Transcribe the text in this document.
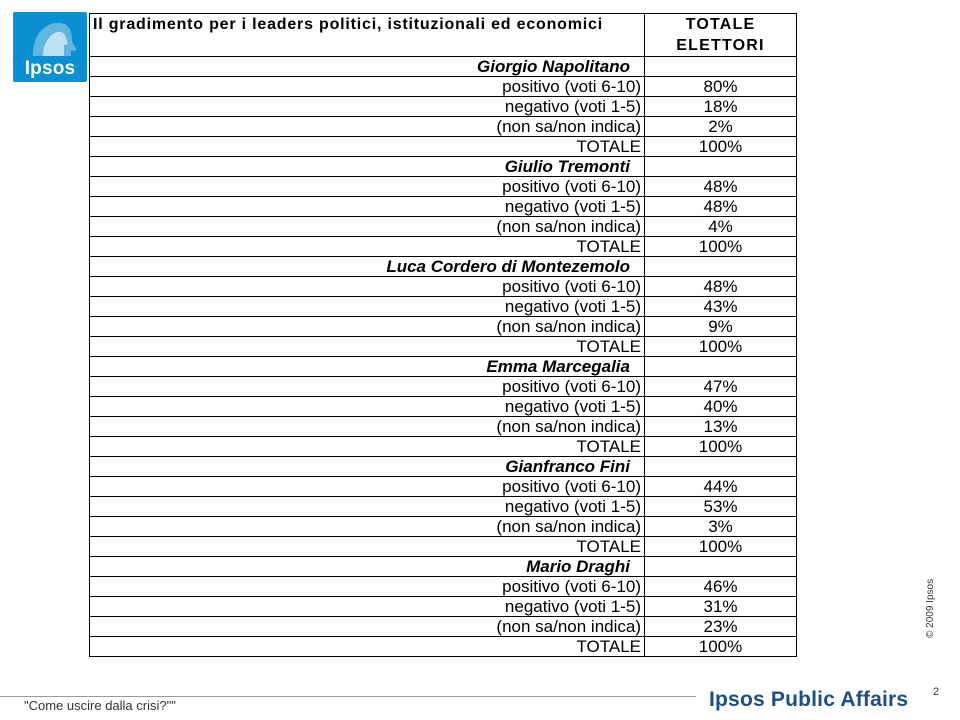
Ipsos
Il gradimento per i leaders politici, istituzionali ed economici	TOTALE ELETTORI
Giorgio Napolitano	
positivo (voti 6-10)	80%
negativo (voti 1-5)	18%
(non sa/non indica)	2%
TOTALE	100%
Giulio Tremonti	
positivo (voti 6-10)	48%
negativo (voti 1-5)	48%
(non sa/non indica)	4%
TOTALE	100%
Luca Cordero di Montezemolo	
positivo (voti 6-10)	48%
negativo (voti 1-5)	43%
(non sa/non indica)	9%
TOTALE	100%
Emma Marcegalia	
positivo (voti 6-10)	47%
negativo (voti 1-5)	40%
(non sa/non indica)	13%
TOTALE	100%
Gianfranco Fini	
positivo (voti 6-10)	44%
negativo (voti 1-5)	53%
(non sa/non indica)	3%
TOTALE	100%
Mario Draghi	
positivo (voti 6-10)	46%
negativo (voti 1-5)	31%
(non sa/non indica)	23%
TOTALE	100%
© 2009 Ipsos
2
"Come uscire dalla crisi?""	Ipsos Public Affairs
